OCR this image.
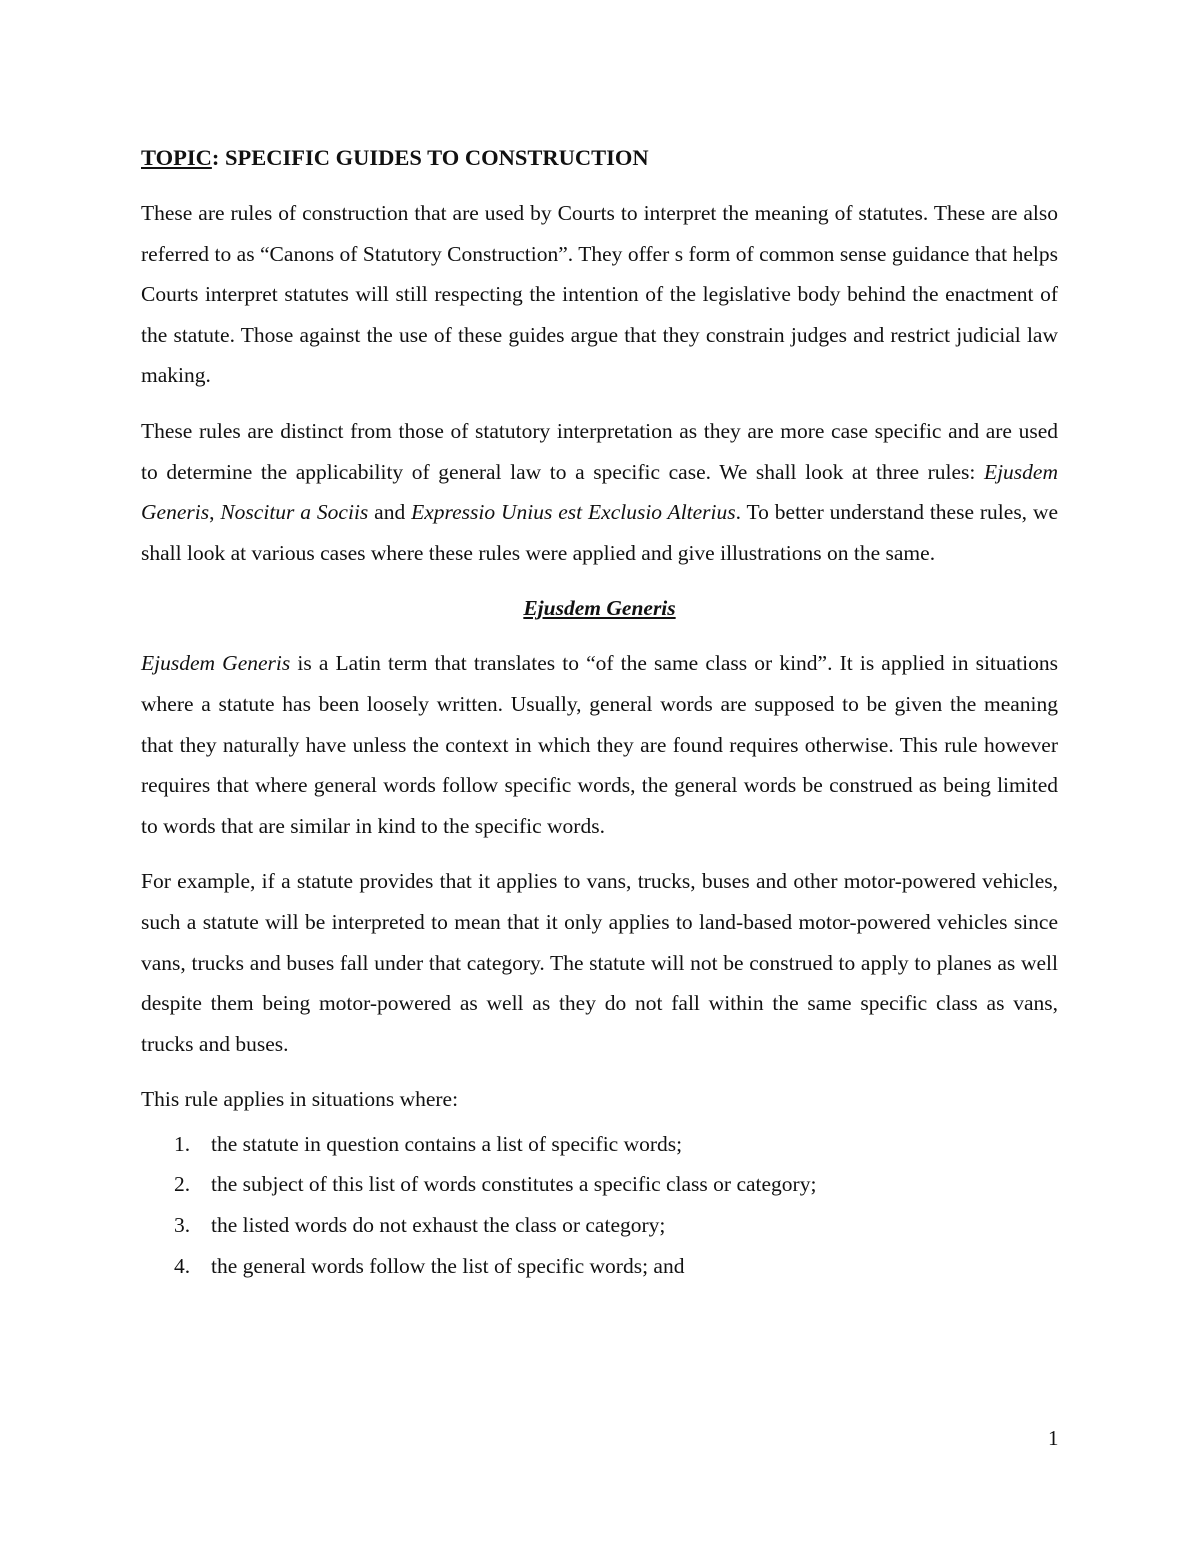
TOPIC: SPECIFIC GUIDES TO CONSTRUCTION

These are rules of construction that are used by Courts to interpret the meaning of statutes. These are also referred to as “Canons of Statutory Construction”. They offer s form of common sense guidance that helps Courts interpret statutes will still respecting the intention of the legislative body behind the enactment of the statute. Those against the use of these guides argue that they constrain judges and restrict judicial law making.

These rules are distinct from those of statutory interpretation as they are more case specific and are used to determine the applicability of general law to a specific case. We shall look at three rules: Ejusdem Generis, Noscitur a Sociis and Expressio Unius est Exclusio Alterius. To better understand these rules, we shall look at various cases where these rules were applied and give illustrations on the same.

Ejusdem Generis

Ejusdem Generis is a Latin term that translates to “of the same class or kind”. It is applied in situations where a statute has been loosely written. Usually, general words are supposed to be given the meaning that they naturally have unless the context in which they are found requires otherwise. This rule however requires that where general words follow specific words, the general words be construed as being limited to words that are similar in kind to the specific words.

For example, if a statute provides that it applies to vans, trucks, buses and other motor-powered vehicles, such a statute will be interpreted to mean that it only applies to land-based motor-powered vehicles since vans, trucks and buses fall under that category. The statute will not be construed to apply to planes as well despite them being motor-powered as well as they do not fall within the same specific class as vans, trucks and buses.

This rule applies in situations where:

1. the statute in question contains a list of specific words;
2. the subject of this list of words constitutes a specific class or category;
3. the listed words do not exhaust the class or category;
4. the general words follow the list of specific words; and
1
